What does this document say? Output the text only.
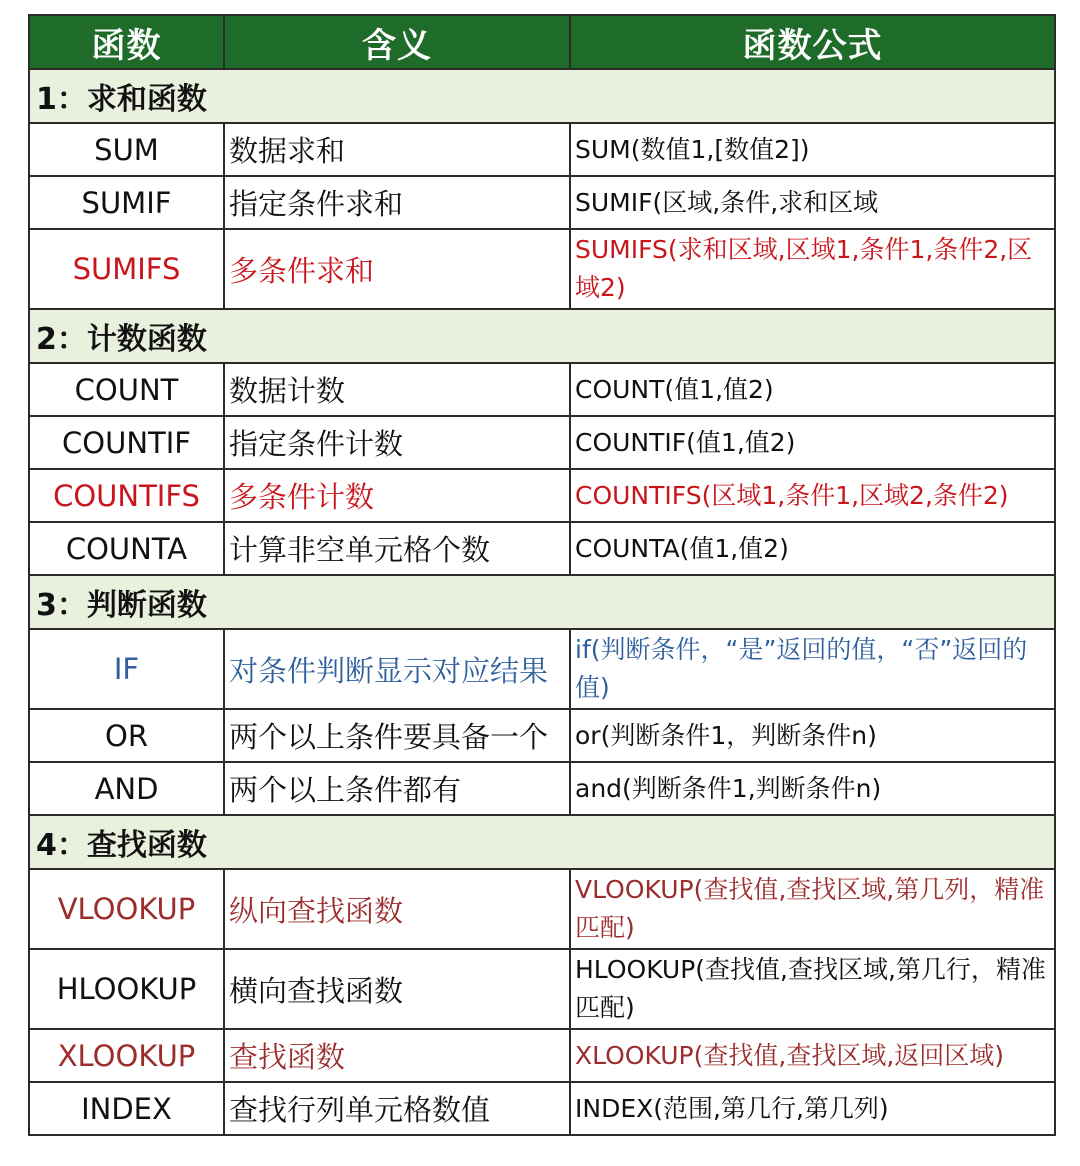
函数	含义	函数公式
1：求和函数		
SUM	数据求和	SUM(数值1,[数值2])
SUMIF	指定条件求和	SUMIF(区域,条件,求和区域
SUMIFS	多条件求和	SUMIFS(求和区域,区域1,条件1,条件2,区域2)
2：计数函数		
COUNT	数据计数	COUNT(值1,值2)
COUNTIF	指定条件计数	COUNTIF(值1,值2)
COUNTIFS	多条件计数	COUNTIFS(区域1,条件1,区域2,条件2)
COUNTA	计算非空单元格个数	COUNTA(值1,值2)
3：判断函数		
IF	对条件判断显示对应结果	if(判断条件，“是”返回的值，“否”返回的值)
OR	两个以上条件要具备一个	or(判断条件1，判断条件n)
AND	两个以上条件都有	and(判断条件1,判断条件n)
4：查找函数		
VLOOKUP	纵向查找函数	VLOOKUP(查找值,查找区域,第几列，精准匹配)
HLOOKUP	横向查找函数	HLOOKUP(查找值,查找区域,第几行，精准匹配)
XLOOKUP	查找函数	XLOOKUP(查找值,查找区域,返回区域)
INDEX	查找行列单元格数值	INDEX(范围,第几行,第几列)
